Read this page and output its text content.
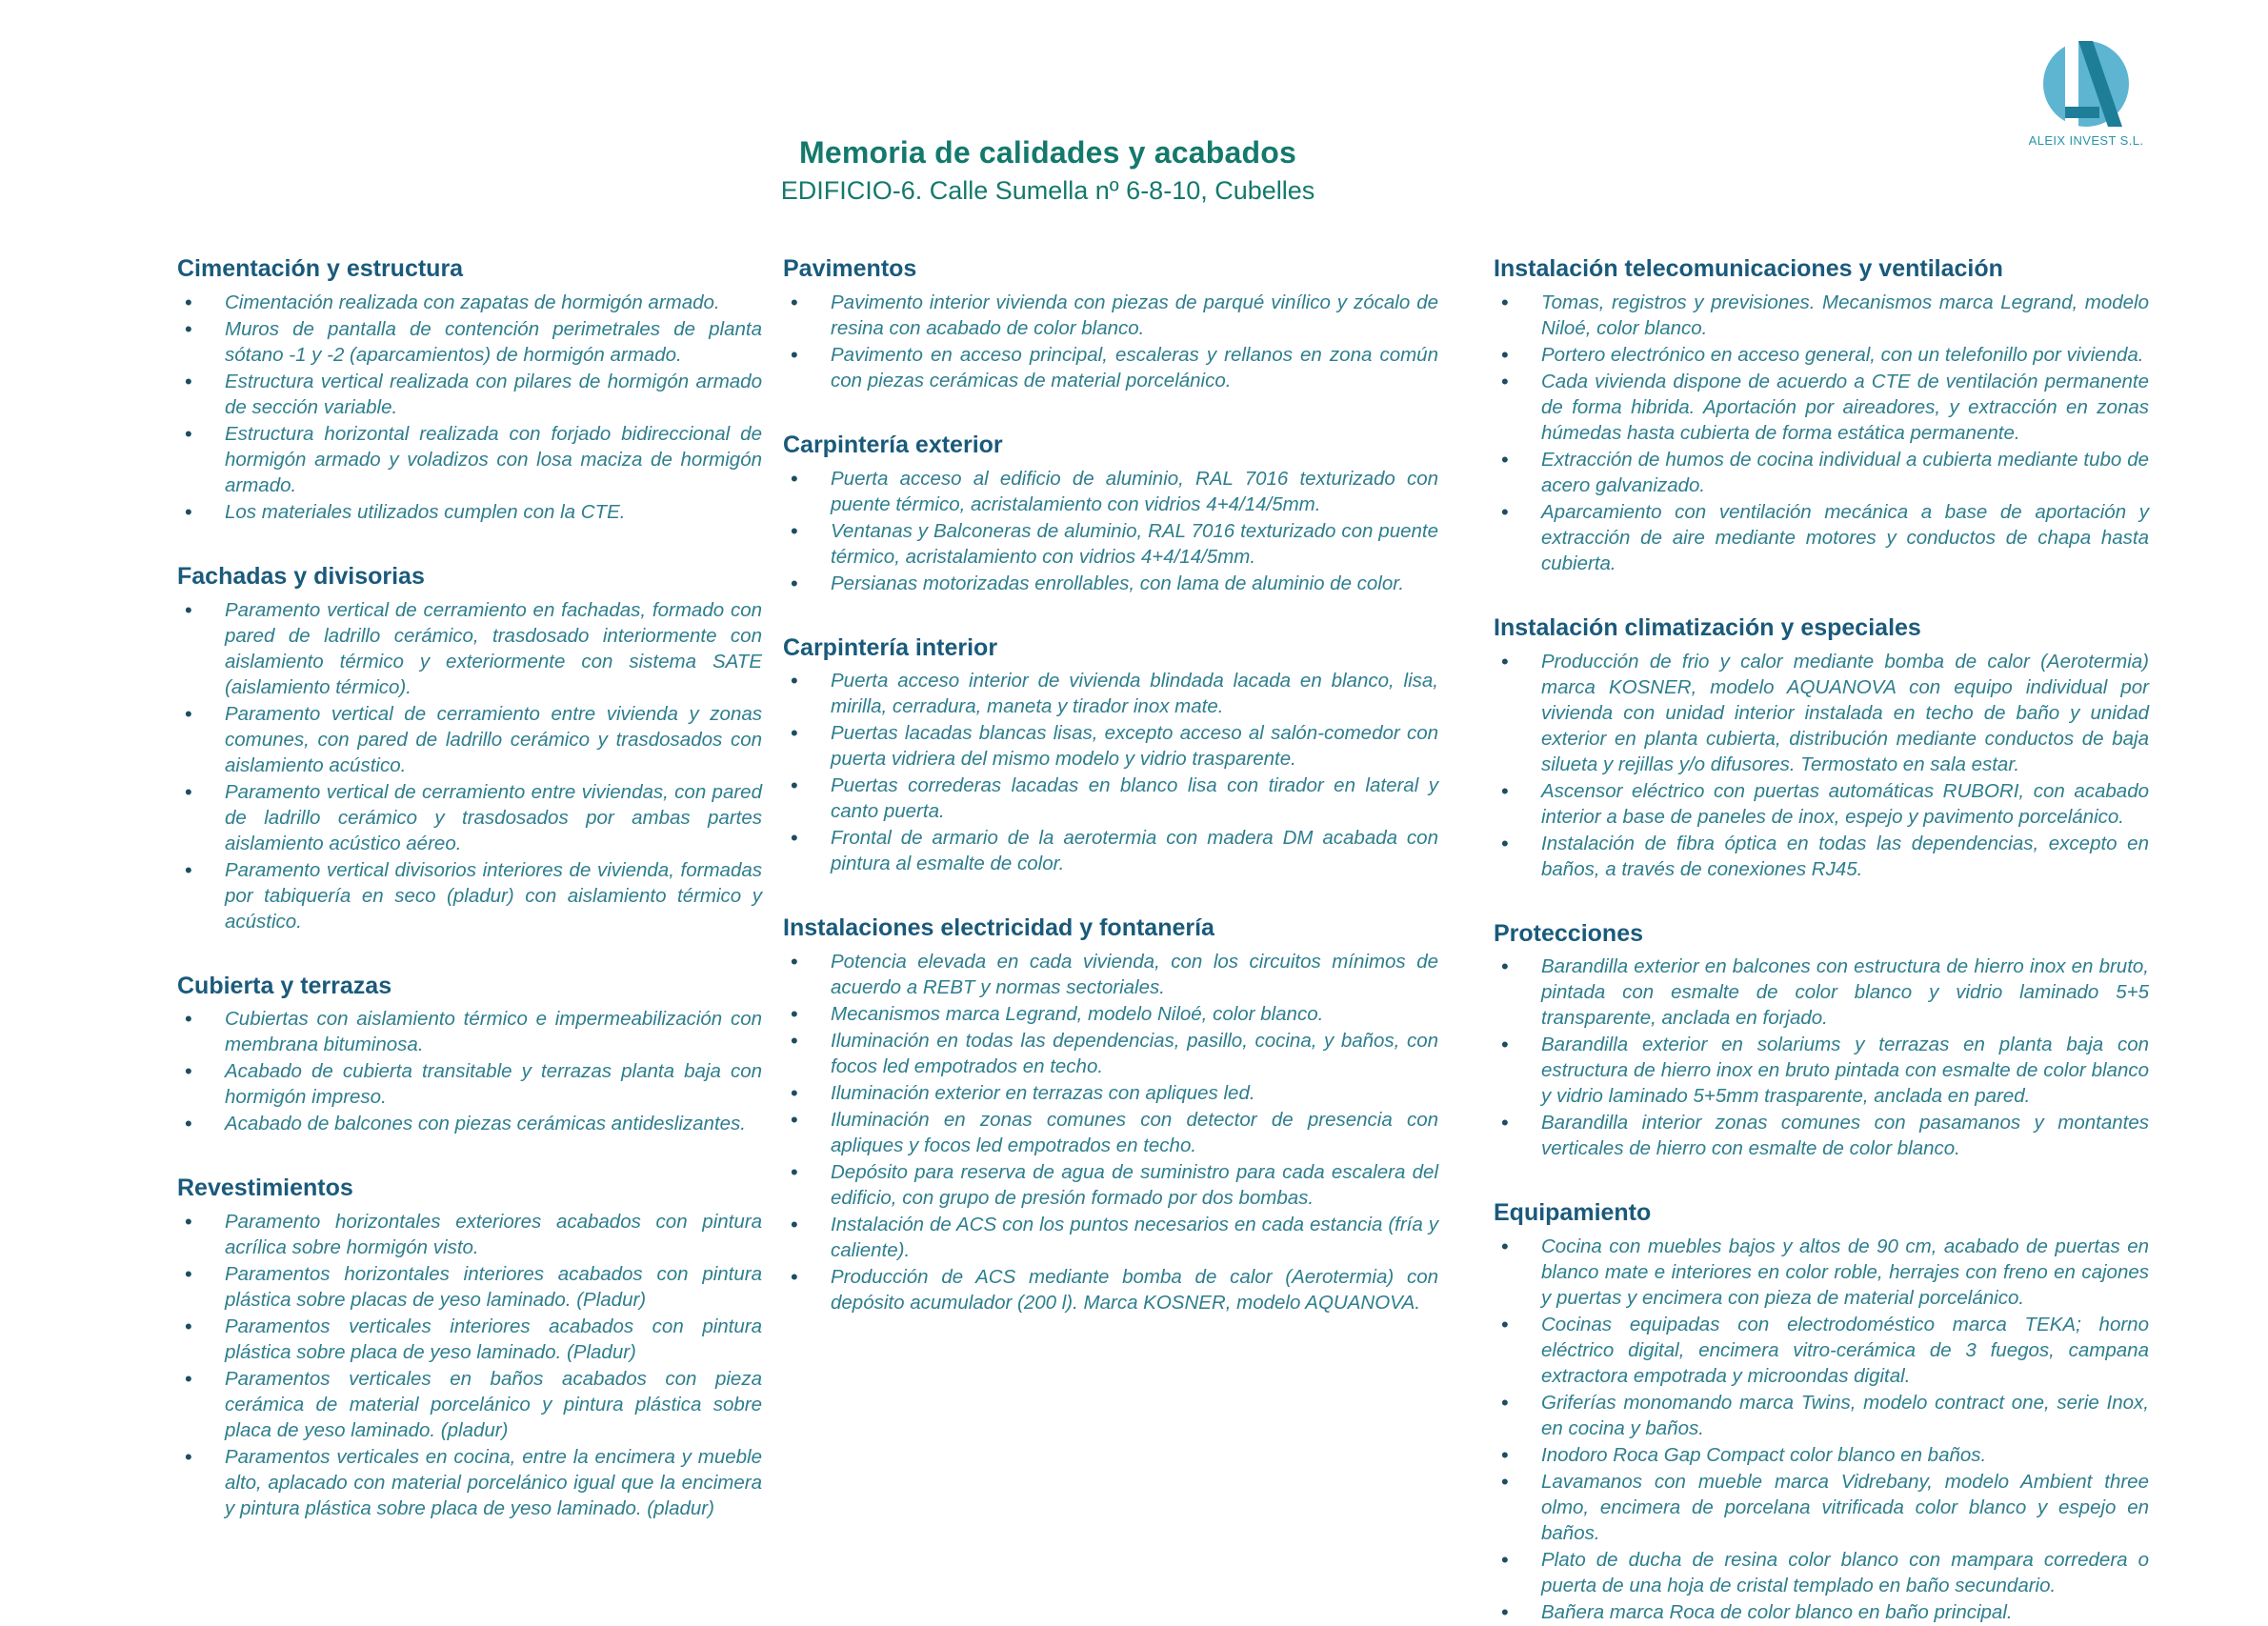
ALEIX INVEST S.L.
Memoria de calidades y acabados
EDIFICIO-6. Calle Sumella nº 6-8-10, Cubelles
Cimentación y estructura
•
Cimentación realizada con zapatas de hormigón armado.
•
Muros de pantalla de contención perimetrales de planta sótano -1 y -2 (aparcamientos) de hormigón armado.
•
Estructura vertical realizada con pilares de hormigón armado de sección variable.
•
Estructura horizontal realizada con forjado bidireccional de hormigón armado y voladizos con losa maciza de hormigón armado.
•
Los materiales utilizados cumplen con la CTE.
Fachadas y divisorias
•
Paramento vertical de cerramiento en fachadas, formado con pared de ladrillo cerámico, trasdosado interiormente con aislamiento térmico y exteriormente con sistema SATE (aislamiento térmico).
•
Paramento vertical de cerramiento entre vivienda y zonas comunes, con pared de ladrillo cerámico y trasdosados con aislamiento acústico.
•
Paramento vertical de cerramiento entre viviendas, con pared de ladrillo cerámico y trasdosados por ambas partes aislamiento acústico aéreo.
•
Paramento vertical divisorios interiores de vivienda, formadas por tabiquería en seco (pladur) con aislamiento térmico y acústico.
Cubierta y terrazas
•
Cubiertas con aislamiento térmico e impermeabilización con membrana bituminosa.
•
Acabado de cubierta transitable y terrazas planta baja con hormigón impreso.
•
Acabado de balcones con piezas cerámicas antideslizantes.
Revestimientos
•
Paramento horizontales exteriores acabados con pintura acrílica sobre hormigón visto.
•
Paramentos horizontales interiores acabados con pintura plástica sobre placas de yeso laminado. (Pladur)
•
Paramentos verticales interiores acabados con pintura plástica sobre placa de yeso laminado. (Pladur)
•
Paramentos verticales en baños acabados con pieza cerámica de material porcelánico y pintura plástica sobre placa de yeso laminado. (pladur)
•
Paramentos verticales en cocina, entre la encimera y mueble alto, aplacado con material porcelánico igual que la encimera y pintura plástica sobre placa de yeso laminado. (pladur)
Pavimentos
•
Pavimento interior vivienda con piezas de parqué vinílico y zócalo de resina con acabado de color blanco.
•
Pavimento en acceso principal, escaleras y rellanos en zona común con piezas cerámicas de material porcelánico.
Carpintería exterior
•
Puerta acceso al edificio de aluminio, RAL 7016 texturizado con puente térmico, acristalamiento con vidrios 4+4/14/5mm.
•
Ventanas y Balconeras de aluminio, RAL 7016 texturizado con puente térmico, acristalamiento con vidrios 4+4/14/5mm.
•
Persianas motorizadas enrollables, con lama de aluminio de color.
Carpintería interior
•
Puerta acceso interior de vivienda blindada lacada en blanco, lisa, mirilla, cerradura, maneta y tirador inox mate.
•
Puertas lacadas blancas lisas, excepto acceso al salón-comedor con puerta vidriera del mismo modelo y vidrio trasparente.
•
Puertas correderas lacadas en blanco lisa con tirador en lateral y canto puerta.
•
Frontal de armario de la aerotermia con madera DM acabada con pintura al esmalte de color.
Instalaciones electricidad y fontanería
•
Potencia elevada en cada vivienda, con los circuitos mínimos de acuerdo a REBT y normas sectoriales.
•
Mecanismos marca Legrand, modelo Niloé, color blanco.
•
Iluminación en todas las dependencias, pasillo, cocina, y baños, con focos led empotrados en techo.
•
Iluminación exterior en terrazas con apliques led.
•
Iluminación en zonas comunes con detector de presencia con apliques y focos led empotrados en techo.
•
Depósito para reserva de agua de suministro para cada escalera del edificio, con grupo de presión formado por dos bombas.
•
Instalación de ACS con los puntos necesarios en cada estancia (fría y caliente).
•
Producción de ACS mediante bomba de calor (Aerotermia) con depósito acumulador (200 l). Marca KOSNER, modelo AQUANOVA.
Instalación telecomunicaciones y ventilación
•
Tomas, registros y previsiones. Mecanismos marca Legrand, modelo Niloé, color blanco.
•
Portero electrónico en acceso general, con un telefonillo por vivienda.
•
Cada vivienda dispone de acuerdo a CTE de ventilación permanente de forma hibrida. Aportación por aireadores, y extracción en zonas húmedas hasta cubierta de forma estática permanente.
•
Extracción de humos de cocina individual a cubierta mediante tubo de acero galvanizado.
•
Aparcamiento con ventilación mecánica a base de aportación y extracción de aire mediante motores y conductos de chapa hasta cubierta.
Instalación climatización y especiales
•
Producción de frio y calor mediante bomba de calor (Aerotermia) marca KOSNER, modelo AQUANOVA con equipo individual por vivienda con unidad interior instalada en techo de baño y unidad exterior en planta cubierta, distribución mediante conductos de baja silueta y rejillas y/o difusores. Termostato en sala estar.
•
Ascensor eléctrico con puertas automáticas RUBORI, con acabado interior a base de paneles de inox, espejo y pavimento porcelánico.
•
Instalación de fibra óptica en todas las dependencias, excepto en baños, a través de conexiones RJ45.
Protecciones
•
Barandilla exterior en balcones con estructura de hierro inox en bruto, pintada con esmalte de color blanco y vidrio laminado 5+5 transparente, anclada en forjado.
•
Barandilla exterior en solariums y terrazas en planta baja con estructura de hierro inox en bruto pintada con esmalte de color blanco y vidrio laminado 5+5mm trasparente, anclada en pared.
•
Barandilla interior zonas comunes con pasamanos y montantes verticales de hierro con esmalte de color blanco.
Equipamiento
•
Cocina con muebles bajos y altos de 90 cm, acabado de puertas en blanco mate e interiores en color roble, herrajes con freno en cajones y puertas y encimera con pieza de material porcelánico.
•
Cocinas equipadas con electrodoméstico marca TEKA; horno eléctrico digital, encimera vitro-cerámica de 3 fuegos, campana extractora empotrada y microondas digital.
•
Griferías monomando marca Twins, modelo contract one, serie Inox, en cocina y baños.
•
Inodoro Roca Gap Compact color blanco en baños.
•
Lavamanos con mueble marca Vidrebany, modelo Ambient three olmo, encimera de porcelana vitrificada color blanco y espejo en baños.
•
Plato de ducha de resina color blanco con mampara corredera o puerta de una hoja de cristal templado en baño secundario.
•
Bañera marca Roca de color blanco en baño principal.
